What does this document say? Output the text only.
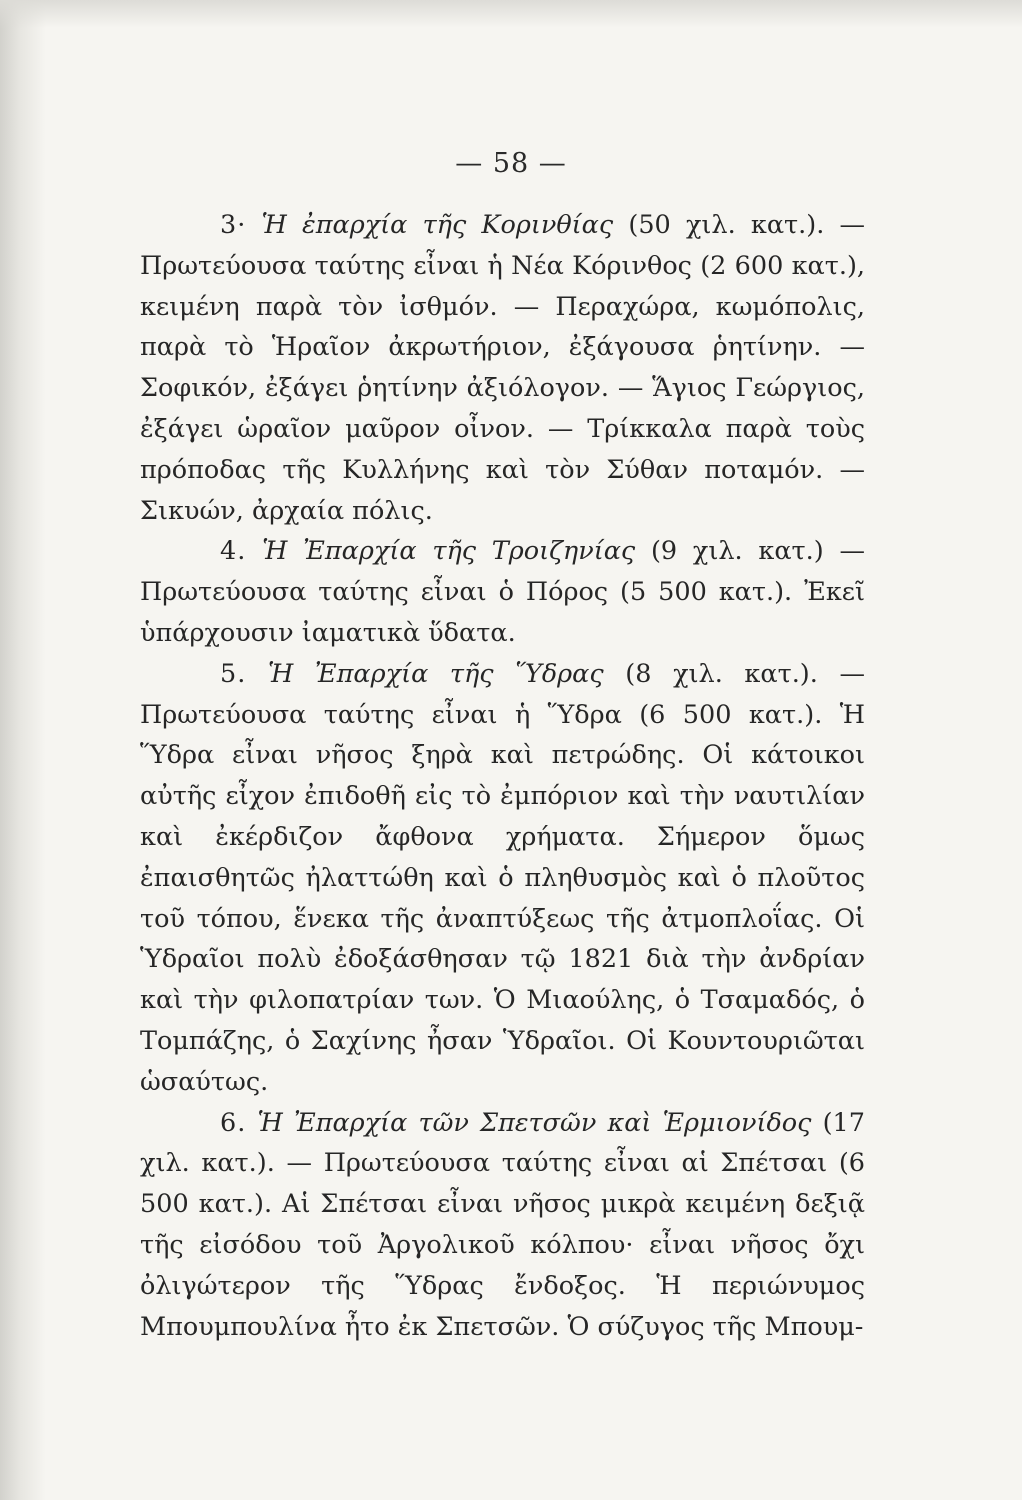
— 58 —

3· Ἡ ἐπαρχία τῆς Κορινθίας (50 χιλ. κατ.). — Πρωτεύουσα ταύτης εἶναι ἡ Νέα Κόρινθος (2 600 κατ.), κειμένη παρὰ τὸν ἰσθμόν. — Περαχώρα, κωμόπολις, παρὰ τὸ Ἡραῖον ἀκρωτήριον, ἐξάγουσα ῥητίνην. — Σοφικόν, ἐξάγει ῥητίνην ἀξιόλογον. — Ἅγιος Γεώργιος, ἐξάγει ὡραῖον μαῦρον οἶνον. — Τρίκκαλα παρὰ τοὺς πρόποδας τῆς Κυλλήνης καὶ τὸν Σύθαν ποταμόν. — Σικυών, ἀρχαία πόλις.

4. Ἡ Ἐπαρχία τῆς Τροιζηνίας (9 χιλ. κατ.) — Πρωτεύουσα ταύτης εἶναι ὁ Πόρος (5 500 κατ.). Ἐκεῖ ὑπάρχουσιν ἰαματικὰ ὕδατα.

5. Ἡ Ἐπαρχία τῆς Ὕδρας (8 χιλ. κατ.). — Πρωτεύουσα ταύτης εἶναι ἡ Ὕδρα (6 500 κατ.). Ἡ Ὕδρα εἶναι νῆσος ξηρὰ καὶ πετρώδης. Οἱ κάτοικοι αὐτῆς εἶχον ἐπιδοθῆ εἰς τὸ ἐμπόριον καὶ τὴν ναυτιλίαν καὶ ἐκέρδιζον ἄφθονα χρήματα. Σήμερον ὅμως ἐπαισθητῶς ἠλαττώθη καὶ ὁ πληθυσμὸς καὶ ὁ πλοῦτος τοῦ τόπου, ἕνεκα τῆς ἀναπτύξεως τῆς ἀτμοπλοΐας. Οἱ Ὑδραῖοι πολὺ ἐδοξάσθησαν τῷ 1821 διὰ τὴν ἀνδρίαν καὶ τὴν φιλοπατρίαν των. Ὁ Μιαούλης, ὁ Τσαμαδός, ὁ Τομπάζης, ὁ Σαχίνης ἦσαν Ὑδραῖοι. Οἱ Κουντουριῶται ὡσαύτως.

6. Ἡ Ἐπαρχία τῶν Σπετσῶν καὶ Ἑρμιονίδος (17 χιλ. κατ.). — Πρωτεύουσα ταύτης εἶναι αἱ Σπέτσαι (6 500 κατ.). Αἱ Σπέτσαι εἶναι νῆσος μικρὰ κειμένη δεξιᾷ τῆς εἰσόδου τοῦ Ἀργολικοῦ κόλπου· εἶναι νῆσος ὄχι ὀλιγώτερον τῆς Ὕδρας ἔνδοξος. Ἡ περιώνυμος Μπουμπουλίνα ἦτο ἐκ Σπετσῶν. Ὁ σύζυγος τῆς Μπουμ-
